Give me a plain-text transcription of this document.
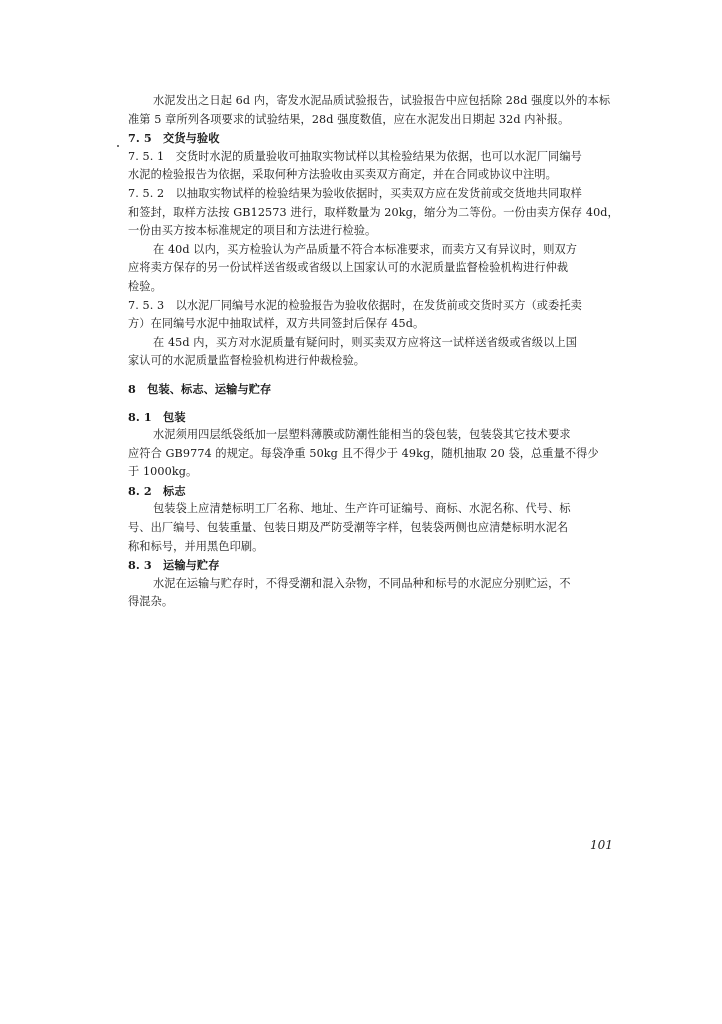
水泥发出之日起 6d 内，寄发水泥品质试验报告，试验报告中应包括除 28d 强度以外的本标
准第 5 章所列各项要求的试验结果，28d 强度数值，应在水泥发出日期起 32d 内补报。
7. 5　交货与验收
7. 5. 1　交货时水泥的质量验收可抽取实物试样以其检验结果为依据，也可以水泥厂同编号
水泥的检验报告为依据，采取何种方法验收由买卖双方商定，并在合同或协议中注明。
7. 5. 2　以抽取实物试样的检验结果为验收依据时，买卖双方应在发货前或交货地共同取样
和签封，取样方法按 GB12573 进行，取样数量为 20kg，缩分为二等份。一份由卖方保存 40d，
一份由买方按本标准规定的项目和方法进行检验。
在 40d 以内，买方检验认为产品质量不符合本标准要求，而卖方又有异议时，则双方
应将卖方保存的另一份试样送省级或省级以上国家认可的水泥质量监督检验机构进行仲裁
检验。
7. 5. 3　以水泥厂同编号水泥的检验报告为验收依据时，在发货前或交货时买方（或委托卖
方）在同编号水泥中抽取试样，双方共同签封后保存 45d。
在 45d 内，买方对水泥质量有疑问时，则买卖双方应将这一试样送省级或省级以上国
家认可的水泥质量监督检验机构进行仲裁检验。
8　包装、标志、运输与贮存
8. 1　包装
水泥须用四层纸袋纸加一层塑料薄膜或防潮性能相当的袋包装，包装袋其它技术要求
应符合 GB9774 的规定。每袋净重 50kg 且不得少于 49kg，随机抽取 20 袋，总重量不得少
于 1000kg。
8. 2　标志
包装袋上应清楚标明工厂名称、地址、生产许可证编号、商标、水泥名称、代号、标
号、出厂编号、包装重量、包装日期及严防受潮等字样，包装袋两侧也应清楚标明水泥名
称和标号，并用黑色印刷。
8. 3　运输与贮存
水泥在运输与贮存时，不得受潮和混入杂物，不同品种和标号的水泥应分别贮运，不
得混杂。
101
